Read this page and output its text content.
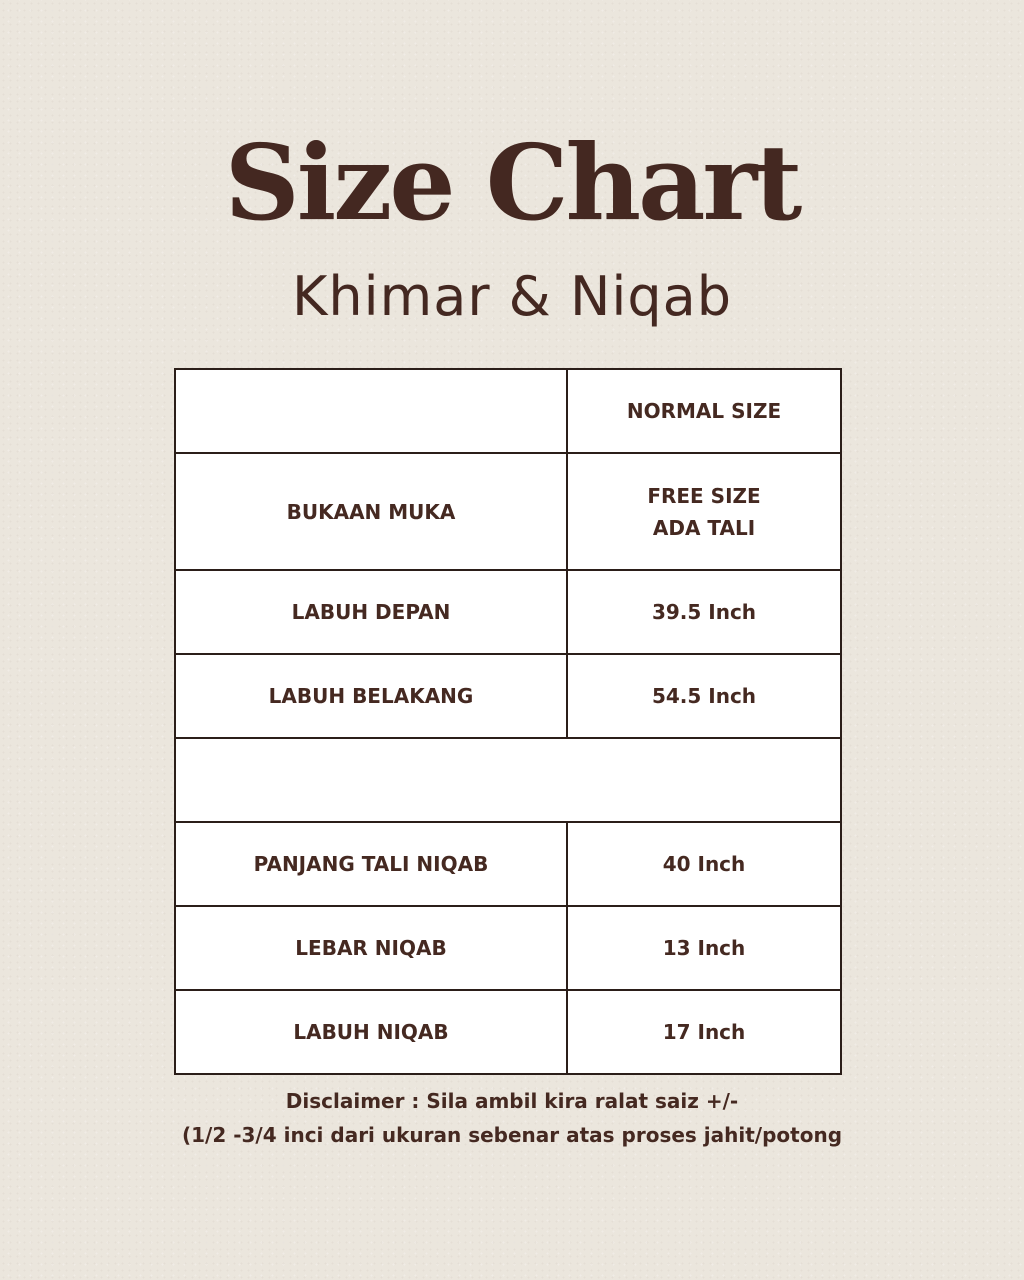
Size Chart
Khimar & Niqab
	NORMAL SIZE
BUKAAN MUKA	FREE SIZE
ADA TALI

LABUH DEPAN	39.5 Inch
LABUH BELAKANG	54.5 Inch

PANJANG TALI NIQAB	40 Inch
LEBAR NIQAB	13 Inch
LABUH NIQAB	17 Inch
Disclaimer : Sila ambil kira ralat saiz +/-
(1/2 -3/4 inci dari ukuran sebenar atas proses jahit/potong
